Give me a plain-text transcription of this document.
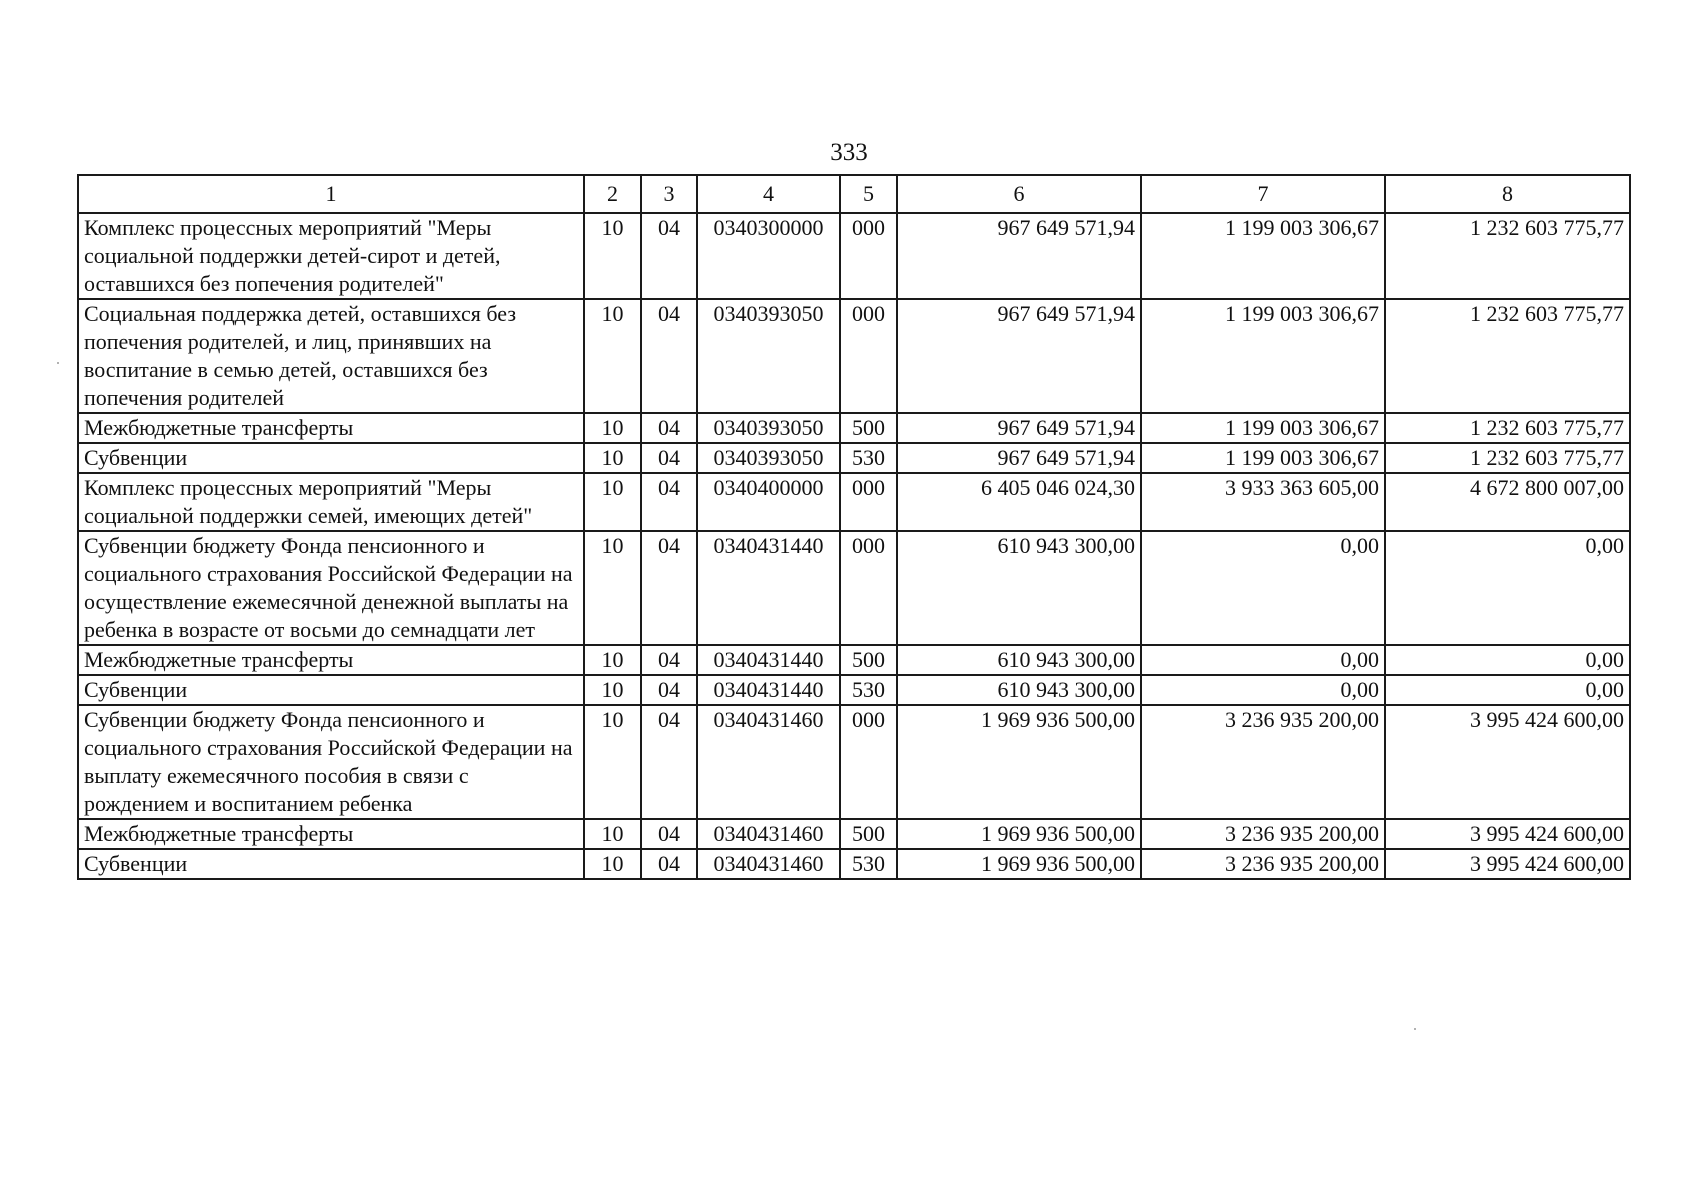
333
1	2	3	4	5	6	7	8
Комплекс процессных мероприятий "Меры социальной поддержки детей-сирот и детей, оставшихся без попечения родителей"	10	04	0340300000	000	967 649 571,94	1 199 003 306,67	1 232 603 775,77
Социальная поддержка детей, оставшихся без попечения родителей, и лиц, принявших на воспитание в семью детей, оставшихся без попечения родителей	10	04	0340393050	000	967 649 571,94	1 199 003 306,67	1 232 603 775,77
Межбюджетные трансферты	10	04	0340393050	500	967 649 571,94	1 199 003 306,67	1 232 603 775,77
Субвенции	10	04	0340393050	530	967 649 571,94	1 199 003 306,67	1 232 603 775,77
Комплекс процессных мероприятий "Меры социальной поддержки семей, имеющих детей"	10	04	0340400000	000	6 405 046 024,30	3 933 363 605,00	4 672 800 007,00
Субвенции бюджету Фонда пенсионного и социального страхования Российской Федерации на осуществление ежемесячной денежной выплаты на ребенка в возрасте от восьми до семнадцати лет	10	04	0340431440	000	610 943 300,00	0,00	0,00
Межбюджетные трансферты	10	04	0340431440	500	610 943 300,00	0,00	0,00
Субвенции	10	04	0340431440	530	610 943 300,00	0,00	0,00
Субвенции бюджету Фонда пенсионного и социального страхования Российской Федерации на выплату ежемесячного пособия в связи с рождением и воспитанием ребенка	10	04	0340431460	000	1 969 936 500,00	3 236 935 200,00	3 995 424 600,00
Межбюджетные трансферты	10	04	0340431460	500	1 969 936 500,00	3 236 935 200,00	3 995 424 600,00
Субвенции	10	04	0340431460	530	1 969 936 500,00	3 236 935 200,00	3 995 424 600,00
